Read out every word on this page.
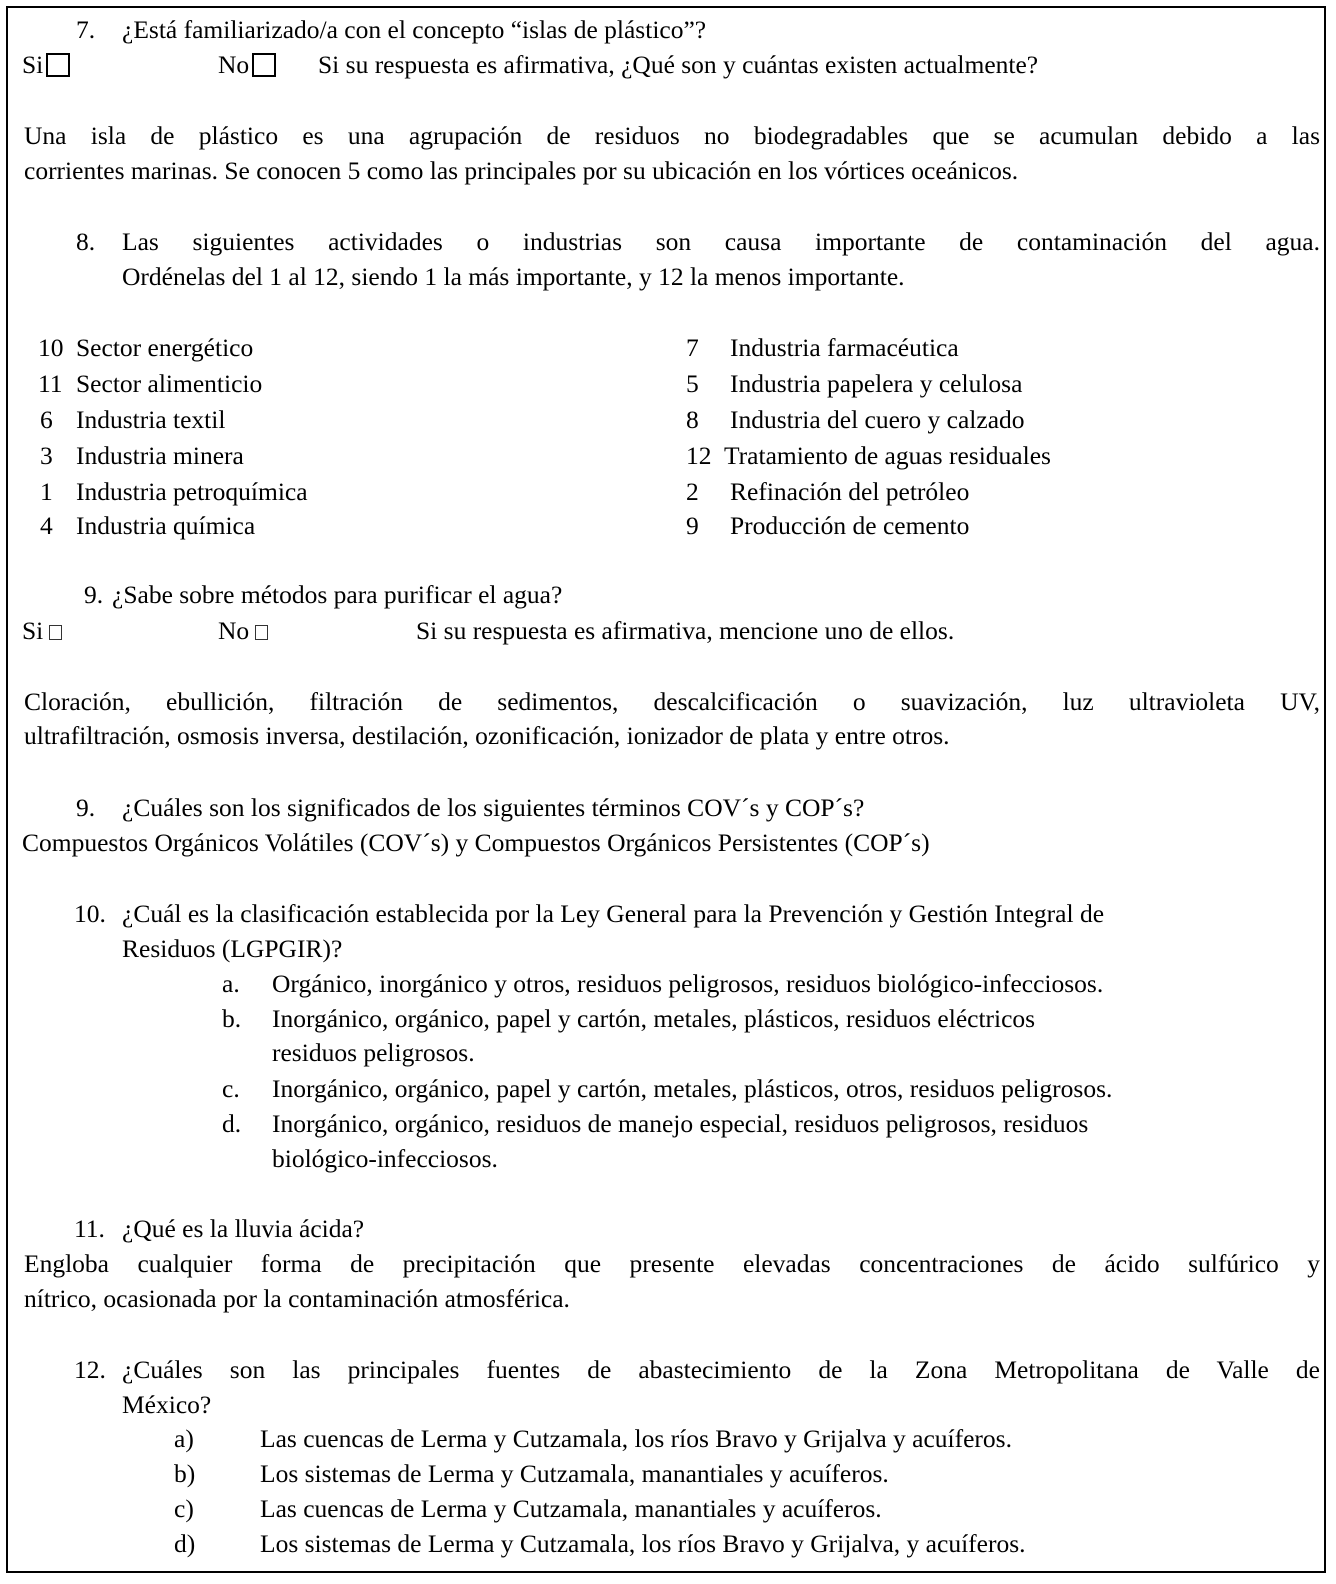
7. ¿Está familiarizado/a con el concepto “islas de plástico”?
Si	No	Si su respuesta es afirmativa, ¿Qué son y cuántas existen actualmente?
Una isla de plástico es una agrupación de residuos no biodegradables que se acumulan debido a las
corrientes marinas. Se conocen 5 como las principales por su ubicación en los vórtices oceánicos.
8. Las siguientes actividades o industrias son causa importante de contaminación del agua.
Ordénelas del 1 al 12, siendo 1 la más importante, y 12 la menos importante.
10 Sector energético
11 Sector alimenticio
6 Industria textil
3 Industria minera
1 Industria petroquímica
4 Industria química
7 Industria farmacéutica
5 Industria papelera y celulosa
8 Industria del cuero y calzado
12 Tratamiento de aguas residuales
2 Refinación del petróleo
9 Producción de cemento
9. ¿Sabe sobre métodos para purificar el agua?
Si	No	Si su respuesta es afirmativa, mencione uno de ellos.
Cloración, ebullición, filtración de sedimentos, descalcificación o suavización, luz ultravioleta UV,
ultrafiltración, osmosis inversa, destilación, ozonificación, ionizador de plata y entre otros.
9. ¿Cuáles son los significados de los siguientes términos COV´s y COP´s?
Compuestos Orgánicos Volátiles (COV´s) y Compuestos Orgánicos Persistentes (COP´s)
10. ¿Cuál es la clasificación establecida por la Ley General para la Prevención y Gestión Integral de
Residuos (LGPGIR)?
a. Orgánico, inorgánico y otros, residuos peligrosos, residuos biológico-infecciosos.
b. Inorgánico, orgánico, papel y cartón, metales, plásticos, residuos eléctricos
residuos peligrosos.
c. Inorgánico, orgánico, papel y cartón, metales, plásticos, otros, residuos peligrosos.
d. Inorgánico, orgánico, residuos de manejo especial, residuos peligrosos, residuos
biológico-infecciosos.
11. ¿Qué es la lluvia ácida?
Engloba cualquier forma de precipitación que presente elevadas concentraciones de ácido sulfúrico y
nítrico, ocasionada por la contaminación atmosférica.
12. ¿Cuáles son las principales fuentes de abastecimiento de la Zona Metropolitana de Valle de
México?
a)	Las cuencas de Lerma y Cutzamala, los ríos Bravo y Grijalva y acuíferos.
b)	Los sistemas de Lerma y Cutzamala, manantiales y acuíferos.
c)	Las cuencas de Lerma y Cutzamala, manantiales y acuíferos.
d)	Los sistemas de Lerma y Cutzamala, los ríos Bravo y Grijalva, y acuíferos.
